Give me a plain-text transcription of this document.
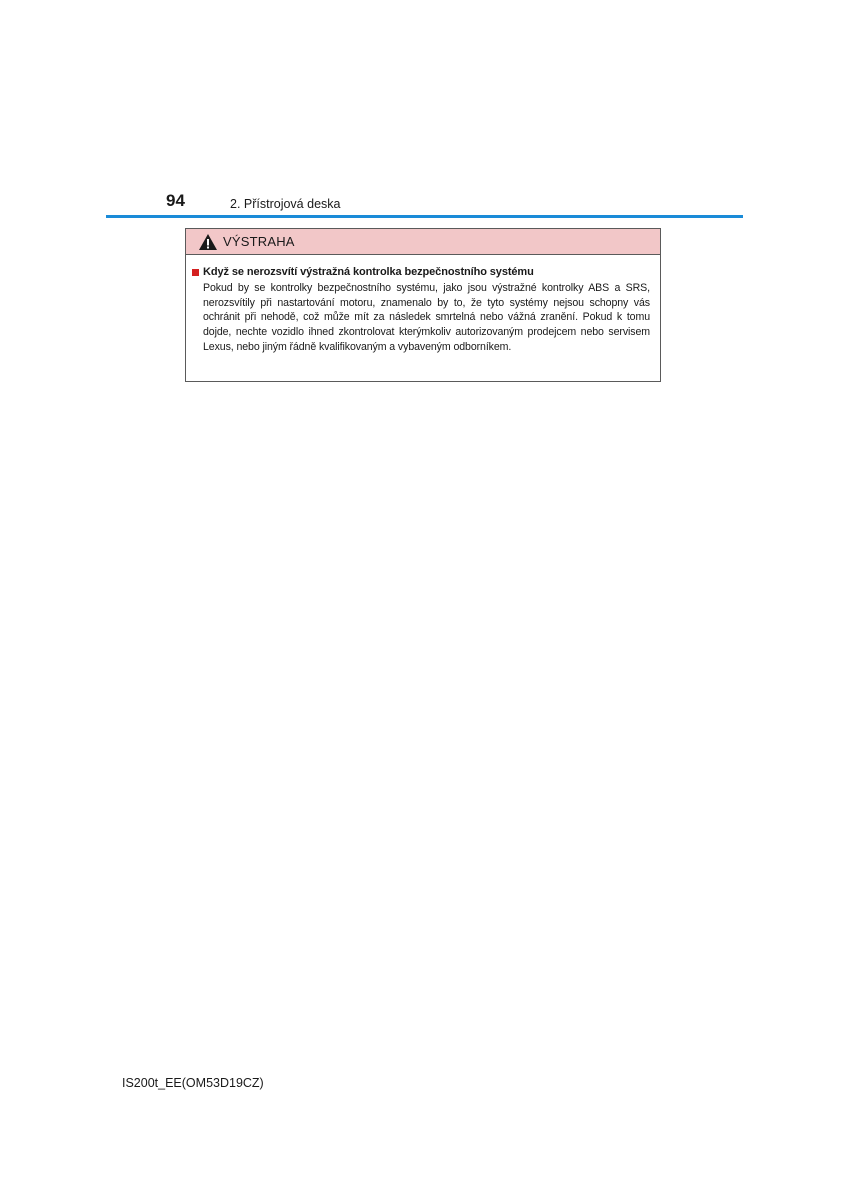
94	2. Přístrojová deska
VÝSTRAHA
Když se nerozsvítí výstražná kontrolka bezpečnostního systému
Pokud by se kontrolky bezpečnostního systému, jako jsou výstražné kontrolky ABS a SRS, nerozsvítily při nastartování motoru, znamenalo by to, že tyto systémy nejsou schopny vás ochránit při nehodě, což může mít za následek smrtelná nebo vážná zranění. Pokud k tomu dojde, nechte vozidlo ihned zkontrolovat kterýmkoliv autorizovaným prodejcem nebo servisem Lexus, nebo jiným řádně kvalifikovaným a vybaveným odborníkem.
IS200t_EE(OM53D19CZ)
